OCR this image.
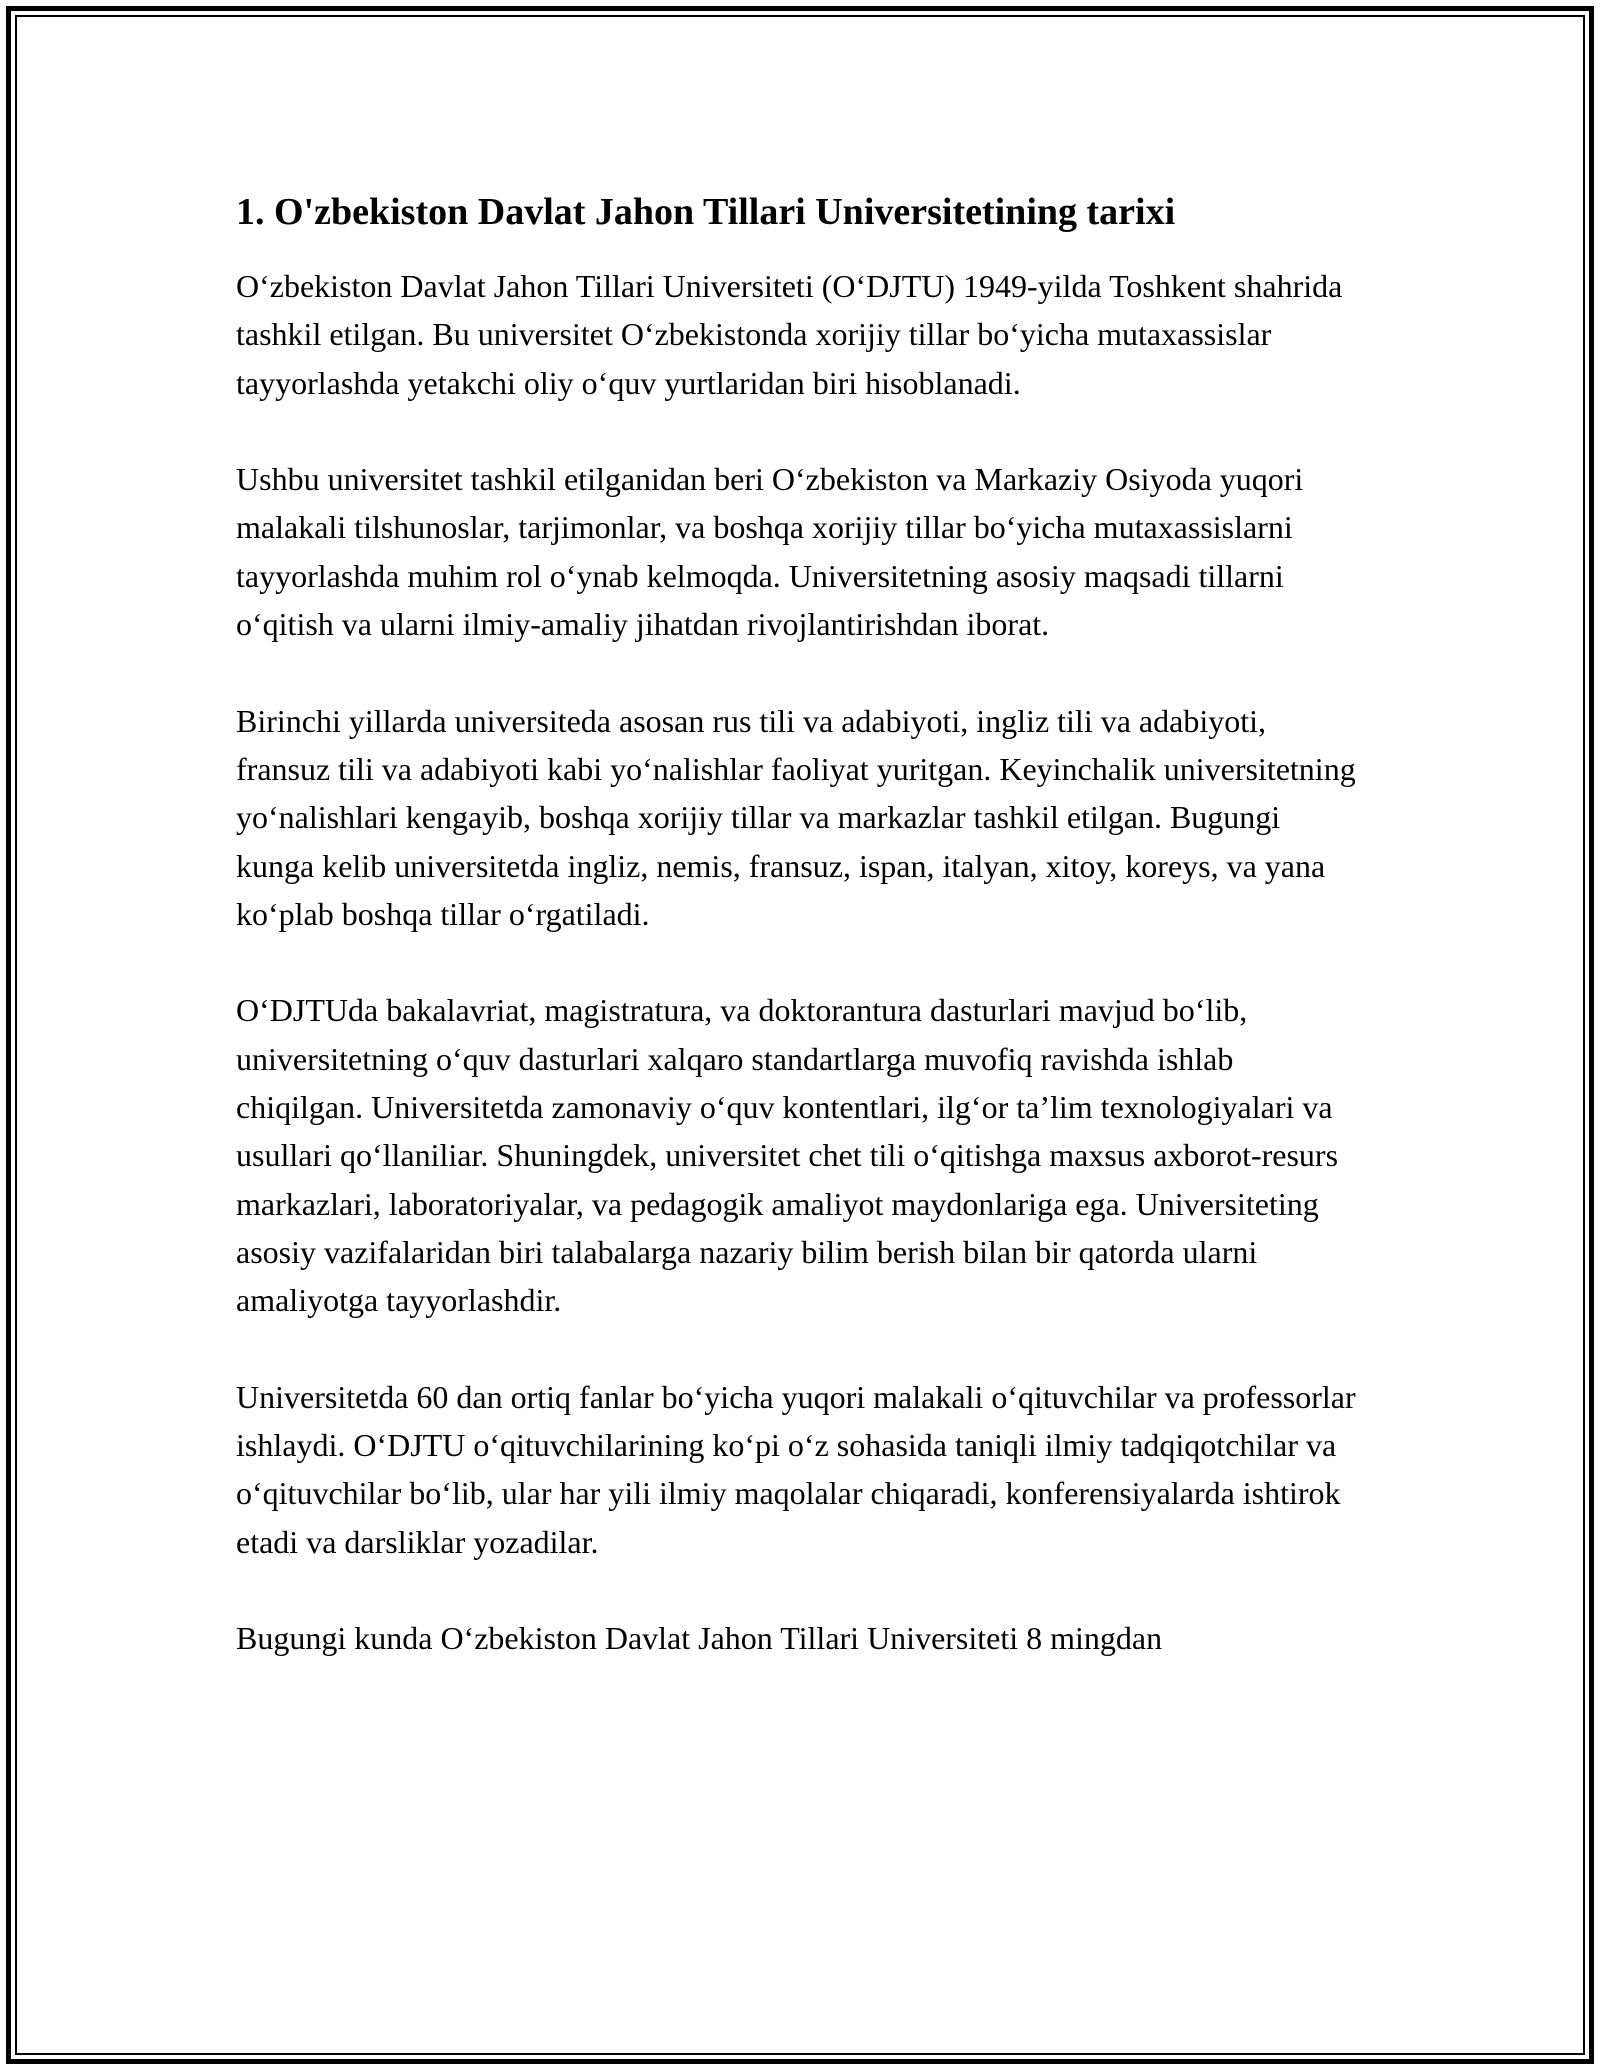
1. O'zbekiston Davlat Jahon Tillari Universitetining tarixi

O‘zbekiston Davlat Jahon Tillari Universiteti (O‘DJTU) 1949-yilda Toshkent shahrida tashkil etilgan. Bu universitet O‘zbekistonda xorijiy tillar bo‘yicha mutaxassislar tayyorlashda yetakchi oliy o‘quv yurtlaridan biri hisoblanadi.

Ushbu universitet tashkil etilganidan beri O‘zbekiston va Markaziy Osiyoda yuqori malakali tilshunoslar, tarjimonlar, va boshqa xorijiy tillar bo‘yicha mutaxassislarni tayyorlashda muhim rol o‘ynab kelmoqda. Universitetning asosiy maqsadi tillarni o‘qitish va ularni ilmiy-amaliy jihatdan rivojlantirishdan iborat.

Birinchi yillarda universiteda asosan rus tili va adabiyoti, ingliz tili va adabiyoti, fransuz tili va adabiyoti kabi yo‘nalishlar faoliyat yuritgan. Keyinchalik universitetning yo‘nalishlari kengayib, boshqa xorijiy tillar va markazlar tashkil etilgan. Bugungi kunga kelib universitetda ingliz, nemis, fransuz, ispan, italyan, xitoy, koreys, va yana ko‘plab boshqa tillar o‘rgatiladi.

O‘DJTUda bakalavriat, magistratura, va doktorantura dasturlari mavjud bo‘lib, universitetning o‘quv dasturlari xalqaro standartlarga muvofiq ravishda ishlab chiqilgan. Universitetda zamonaviy o‘quv kontentlari, ilg‘or ta’lim texnologiyalari va usullari qo‘llaniliar. Shuningdek, universitet chet tili o‘qitishga maxsus axborot-resurs markazlari, laboratoriyalar, va pedagogik amaliyot maydonlariga ega. Universiteting asosiy vazifalaridan biri talabalarga nazariy bilim berish bilan bir qatorda ularni amaliyotga tayyorlashdir.

Universitetda 60 dan ortiq fanlar bo‘yicha yuqori malakali o‘qituvchilar va professorlar ishlaydi. O‘DJTU o‘qituvchilarining ko‘pi o‘z sohasida taniqli ilmiy tadqiqotchilar va o‘qituvchilar bo‘lib, ular har yili ilmiy maqolalar chiqaradi, konferensiyalarda ishtirok etadi va darsliklar yozadilar.

Bugungi kunda O‘zbekiston Davlat Jahon Tillari Universiteti 8 mingdan
